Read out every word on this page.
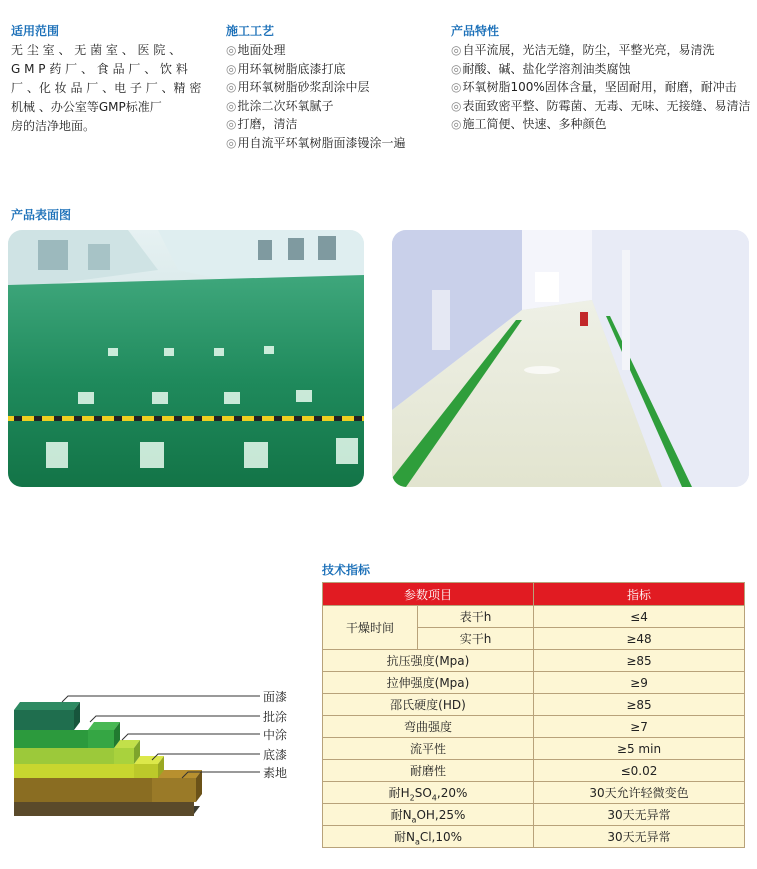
适用范围
无 尘 室 、 无 菌 室 、 医 院 、
G M P 药 厂 、 食 品 厂 、 饮 料
厂 、化 妆 品 厂 、电 子 厂 、精 密
机械 、办公室等GMP标准厂
房的洁净地面。
施工工艺
◎地面处理
◎用环氧树脂底漆打底
◎用环氧树脂砂浆刮涂中层
◎批涂二次环氧腻子
◎打磨，清洁
◎用自流平环氧树脂面漆镘涂一遍
产品特性
◎自平流展，光洁无缝，防尘，平整光亮，易清洗
◎耐酸、碱、盐化学溶剂油类腐蚀
◎环氧树脂100%固体含量，坚固耐用，耐磨，耐冲击
◎表面致密平整、防霉菌、无毒、无味、无接缝、易清洁
◎施工简便、快速、多种颜色
产品表面图
面漆
批涂
中涂
底漆
素地
技术指标
参数项目		指标
干燥时间	表干h	≤4
	实干h	≥48
抗压强度(Mpa)		≥85
拉伸强度(Mpa)		≥9
邵氏硬度(HD)		≥85
弯曲强度		≥7
流平性		≥5 min
耐磨性		≤0.02
耐$H_2SO_4,20\%$		30天允许轻微变色
耐$N_aOH,25\%$		30天无异常
耐$N_aCl,10\%$		30天无异常
